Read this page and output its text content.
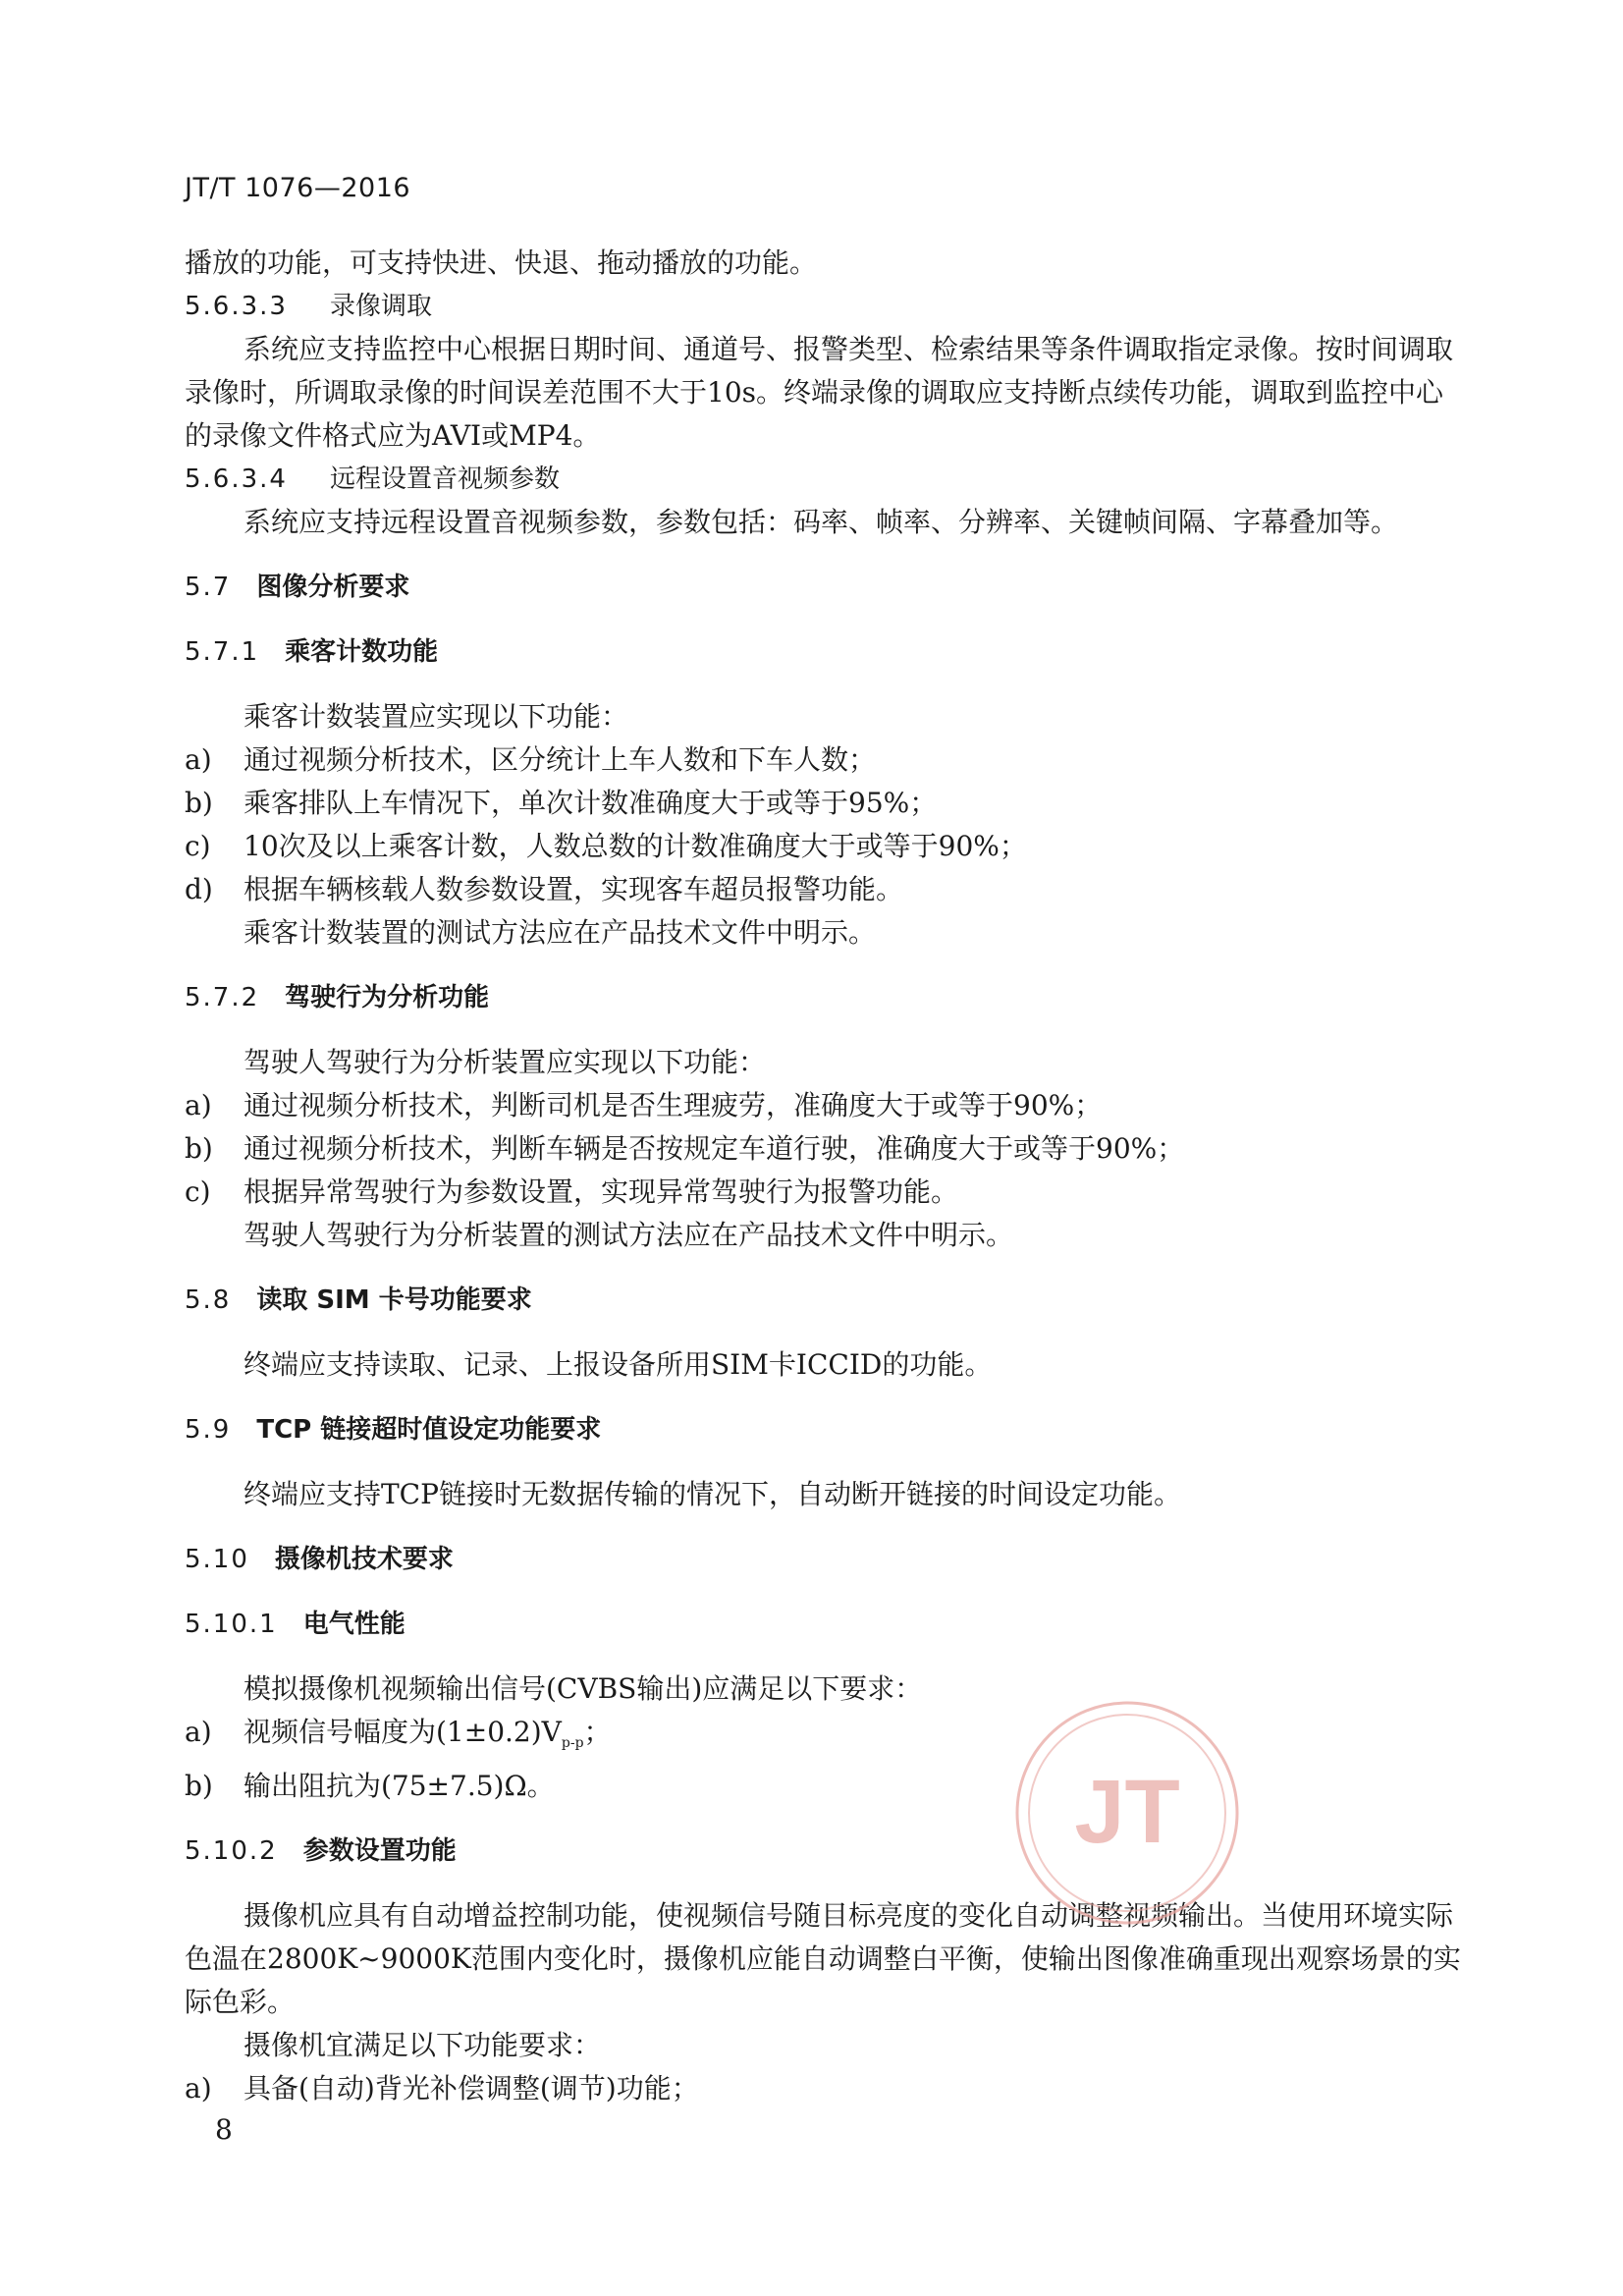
JT/T 1076—2016

播放的功能，可支持快进、快退、拖动播放的功能。

5.6.3.3 录像调取

系统应支持监控中心根据日期时间、通道号、报警类型、检索结果等条件调取指定录像。按时间调取录像时，所调取录像的时间误差范围不大于10s。终端录像的调取应支持断点续传功能，调取到监控中心的录像文件格式应为AVI或MP4。

5.6.3.4 远程设置音视频参数

系统应支持远程设置音视频参数，参数包括：码率、帧率、分辨率、关键帧间隔、字幕叠加等。

5.7 图像分析要求

5.7.1 乘客计数功能

乘客计数装置应实现以下功能：

a) 通过视频分析技术，区分统计上车人数和下车人数；

b) 乘客排队上车情况下，单次计数准确度大于或等于95%；

c) 10次及以上乘客计数，人数总数的计数准确度大于或等于90%；

d) 根据车辆核载人数参数设置，实现客车超员报警功能。

乘客计数装置的测试方法应在产品技术文件中明示。

5.7.2 驾驶行为分析功能

驾驶人驾驶行为分析装置应实现以下功能：

a) 通过视频分析技术，判断司机是否生理疲劳，准确度大于或等于90%；

b) 通过视频分析技术，判断车辆是否按规定车道行驶，准确度大于或等于90%；

c) 根据异常驾驶行为参数设置，实现异常驾驶行为报警功能。

驾驶人驾驶行为分析装置的测试方法应在产品技术文件中明示。

5.8 读取 SIM 卡号功能要求

终端应支持读取、记录、上报设备所用SIM卡ICCID的功能。

5.9 TCP 链接超时值设定功能要求

终端应支持TCP链接时无数据传输的情况下，自动断开链接的时间设定功能。

5.10 摄像机技术要求

5.10.1 电气性能

模拟摄像机视频输出信号(CVBS输出)应满足以下要求：

a) 视频信号幅度为$(1\pm 0.2)V_{p-p}$；

b) 输出阻抗为(75±7.5)Ω。

5.10.2 参数设置功能

摄像机应具有自动增益控制功能，使视频信号随目标亮度的变化自动调整视频输出。当使用环境实际色温在2800K~9000K范围内变化时，摄像机应能自动调整白平衡，使输出图像准确重现出观察场景的实际色彩。

摄像机宜满足以下功能要求：

a) 具备(自动)背光补偿调整(调节)功能；

JT
8
